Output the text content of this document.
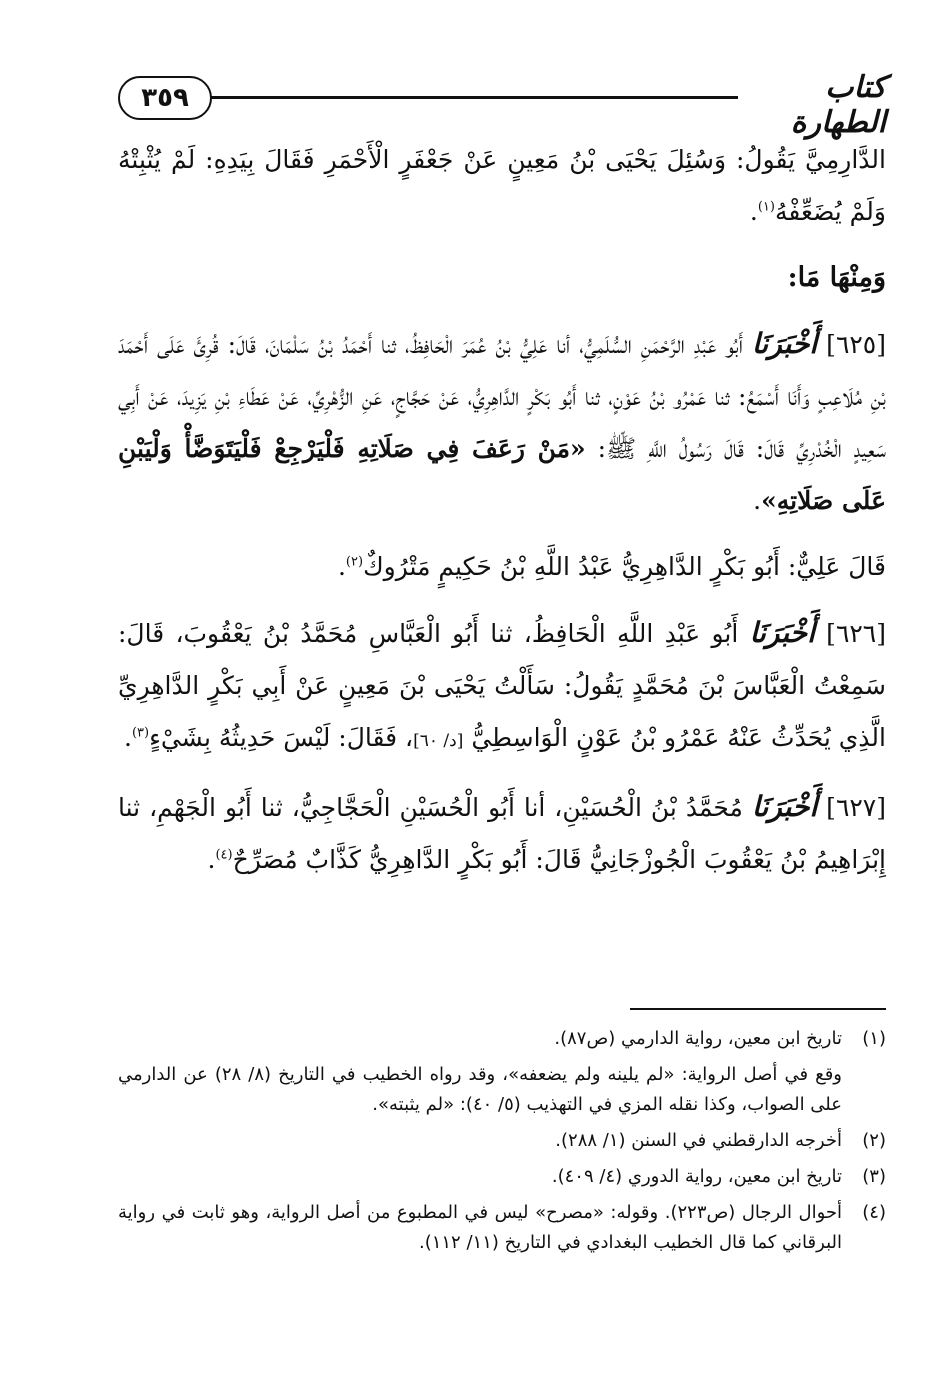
٣٥٩	كتاب الطهارة

الدَّارِمِيَّ يَقُولُ: وَسُئِلَ يَحْيَى بْنُ مَعِينٍ عَنْ جَعْفَرٍ الْأَحْمَرِ فَقَالَ بِيَدِهِ: لَمْ يُثْبِتْهُ وَلَمْ يُضَعِّفْهُ$^{(١)}$.

وَمِنْهَا مَا:

[٦٢٥] أَخْبَرَنَا أَبُو عَبْدِ الرَّحْمَنِ السُّلَمِيُّ، أنا عَلِيُّ بْنُ عُمَرَ الْحَافِظُ، ثنا أَحْمَدُ بْنُ سَلْمَانَ، قَالَ: قُرِئَ عَلَى أَحْمَدَ بْنِ مُلَاعِبٍ وَأَنَا أَسْمَعُ: ثنا عَمْرُو بْنُ عَوْنٍ، ثنا أَبُو بَكْرٍ الدَّاهِرِيُّ، عَنْ حَجَّاجٍ، عَنِ الزُّهْرِيِّ، عَنْ عَطَاءِ بْنِ يَزِيدَ، عَنْ أَبِي سَعِيدٍ الْخُدْرِيِّ قَالَ: قَالَ رَسُولُ اللَّهِ ﷺ: «مَنْ رَعَفَ فِي صَلَاتِهِ فَلْيَرْجِعْ فَلْيَتَوَضَّأْ وَلْيَبْنِ عَلَى صَلَاتِهِ».

قَالَ عَلِيٌّ: أَبُو بَكْرٍ الدَّاهِرِيُّ عَبْدُ اللَّهِ بْنُ حَكِيمٍ مَتْرُوكٌ$^{(٢)}$.

[٦٢٦] أَخْبَرَنَا أَبُو عَبْدِ اللَّهِ الْحَافِظُ، ثنا أَبُو الْعَبَّاسِ مُحَمَّدُ بْنُ يَعْقُوبَ، قَالَ: سَمِعْتُ الْعَبَّاسَ بْنَ مُحَمَّدٍ يَقُولُ: سَأَلْتُ يَحْيَى بْنَ مَعِينٍ عَنْ أَبِي بَكْرٍ الدَّاهِرِيِّ الَّذِي يُحَدِّثُ عَنْهُ عَمْرُو بْنُ عَوْنٍ الْوَاسِطِيُّ [د/ ٦٠]، فَقَالَ: لَيْسَ حَدِيثُهُ بِشَيْءٍ$^{(٣)}$.

[٦٢٧] أَخْبَرَنَا مُحَمَّدُ بْنُ الْحُسَيْنِ، أنا أَبُو الْحُسَيْنِ الْحَجَّاجِيُّ، ثنا أَبُو الْجَهْمِ، ثنا إِبْرَاهِيمُ بْنُ يَعْقُوبَ الْجُوزْجَانِيُّ قَالَ: أَبُو بَكْرٍ الدَّاهِرِيُّ كَذَّابٌ مُصَرِّحٌ$^{(٤)}$.

(١)
تاريخ ابن معين، رواية الدارمي (ص٨٧).
وقع في أصل الرواية: «لم يلينه ولم يضعفه»، وقد رواه الخطيب في التاريخ (٨/ ٢٨) عن الدارمي على الصواب، وكذا نقله المزي في التهذيب (٥/ ٤٠): «لم يثبته».
(٢)
أخرجه الدارقطني في السنن (١/ ٢٨٨).
(٣)
تاريخ ابن معين، رواية الدوري (٤/ ٤٠٩).
(٤)
أحوال الرجال (ص٢٢٣). وقوله: «مصرح» ليس في المطبوع من أصل الرواية، وهو ثابت في رواية البرقاني كما قال الخطيب البغدادي في التاريخ (١١/ ١١٢).
